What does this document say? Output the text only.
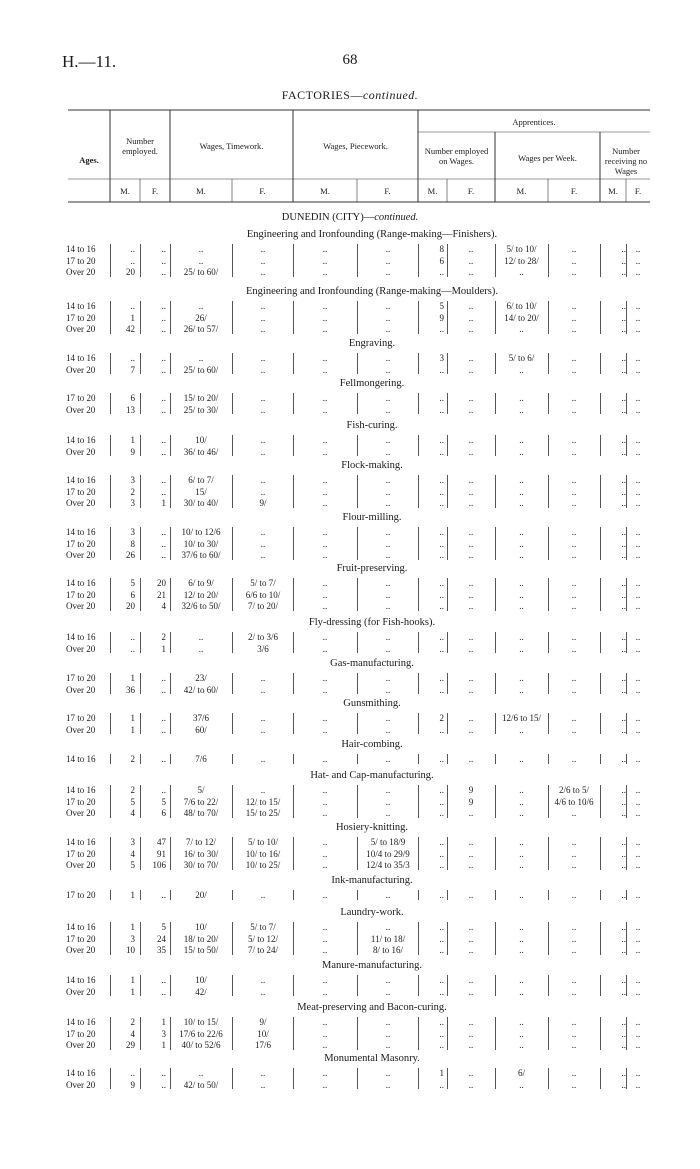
H.—11.	68
FACTORIES—continued.
Ages.
Number employed.	Wages, Timework.	Wages, Piecework.
Apprentices.
Number employed on Wages.	Wages per Week.
Number receiving no Wages
M.	F.	M.	F.	M.	F.	M.	F.	M.	F.	M.	F.
DUNEDIN (CITY)—continued.
Engineering and Ironfounding (Range-making—Finishers).
14 to 16	..	..	..	..	..	..	8	..	5/ to 10/	..	..	..
17 to 20	..	..	..	..	..	..	6	..	12/ to 28/	..	..	..
Over 20	20	..	25/ to 60/	..	..	..	..	..	..	..	..	..
Engineering and Ironfounding (Range-making—Moulders).
14 to 16	..	..	..	..	..	..	5	..	6/ to 10/	..	..	..
17 to 20	1	..	26/	..	..	..	9	..	14/ to 20/	..	..	..
Over 20	42	..	26/ to 57/	..	..	..	..	..	..	..	..	..
Engraving.
14 to 16	..	..	..	..	..	..	3	..	5/ to 6/	..	..	..
Over 20	7	..	25/ to 60/	..	..	..	..	..	..	..	..	..
Fellmongering.
17 to 20	6	..	15/ to 20/	..	..	..	..	..	..	..	..	..
Over 20	13	..	25/ to 30/	..	..	..	..	..	..	..	..	..
Fish-curing.
14 to 16	1	..	10/	..	..	..	..	..	..	..	..	..
Over 20	9	..	36/ to 46/	..	..	..	..	..	..	..	..	..
Flock-making.
14 to 16	3	..	6/ to 7/	..	..	..	..	..	..	..	..	..
17 to 20	2	..	15/	..	..	..	..	..	..	..	..	..
Over 20	3	1	30/ to 40/	9/	..	..	..	..	..	..	..	..
Flour-milling.
14 to 16	3	..	10/ to 12/6	..	..	..	..	..	..	..	..	..
17 to 20	8	..	10/ to 30/	..	..	..	..	..	..	..	..	..
Over 20	26	..	37/6 to 60/	..	..	..	..	..	..	..	..	..
Fruit-preserving.
14 to 16	5	20	6/ to 9/	5/ to 7/	..	..	..	..	..	..	..	..
17 to 20	6	21	12/ to 20/	6/6 to 10/	..	..	..	..	..	..	..	..
Over 20	20	4	32/6 to 50/	7/ to 20/	..	..	..	..	..	..	..	..
Fly-dressing (for Fish-hooks).
14 to 16	..	2	..	2/ to 3/6	..	..	..	..	..	..	..	..
Over 20	..	1	..	3/6	..	..	..	..	..	..	..	..
Gas-manufacturing.
17 to 20	1	..	23/	..	..	..	..	..	..	..	..	..
Over 20	36	..	42/ to 60/	..	..	..	..	..	..	..	..	..
Gunsmithing.
17 to 20	1	..	37/6	..	..	..	2	..	12/6 to 15/	..	..	..
Over 20	1	..	60/	..	..	..	..	..	..	..	..	..
Hair-combing.
14 to 16	2	..	7/6	..	..	..	..	..	..	..	..	..
Hat- and Cap-manufacturing.
14 to 16	2	..	5/	..	..	..	..	9	..	2/6 to 5/	..	..
17 to 20	5	5	7/6 to 22/	12/ to 15/	..	..	..	9	..	4/6 to 10/6	..	..
Over 20	4	6	48/ to 70/	15/ to 25/	..	..	..	..	..	..	..	..
Hosiery-knitting.
14 to 16	3	47	7/ to 12/	5/ to 10/	..	5/ to 18/9	..	..	..	..	..	..
17 to 20	4	91	16/ to 30/	10/ to 16/	..	10/4 to 29/9	..	..	..	..	..	..
Over 20	5	106	30/ to 70/	10/ to 25/	..	12/4 to 35/3	..	..	..	..	..	..
Ink-manufacturing.
17 to 20	1	..	20/	..	..	..	..	..	..	..	..	..
Laundry-work.
14 to 16	1	5	10/	5/ to 7/	..	..	..	..	..	..	..	..
17 to 20	3	24	18/ to 20/	5/ to 12/	..	11/ to 18/	..	..	..	..	..	..
Over 20	10	35	15/ to 50/	7/ to 24/	..	8/ to 16/	..	..	..	..	..	..
Manure-manufacturing.
14 to 16	1	..	10/	..	..	..	..	..	..	..	..	..
Over 20	1	..	42/	..	..	..	..	..	..	..	..	..
Meat-preserving and Bacon-curing.
14 to 16	2	1	10/ to 15/	9/	..	..	..	..	..	..	..	..
17 to 20	4	3	17/6 to 22/6	10/	..	..	..	..	..	..	..	..
Over 20	29	1	40/ to 52/6	17/6	..	..	..	..	..	..	..	..
Monumental Masonry.
14 to 16	..	..	..	..	..	..	1	..	6/	..	..	..
Over 20	9	..	42/ to 50/	..	..	..	..	..	..	..	..	..
